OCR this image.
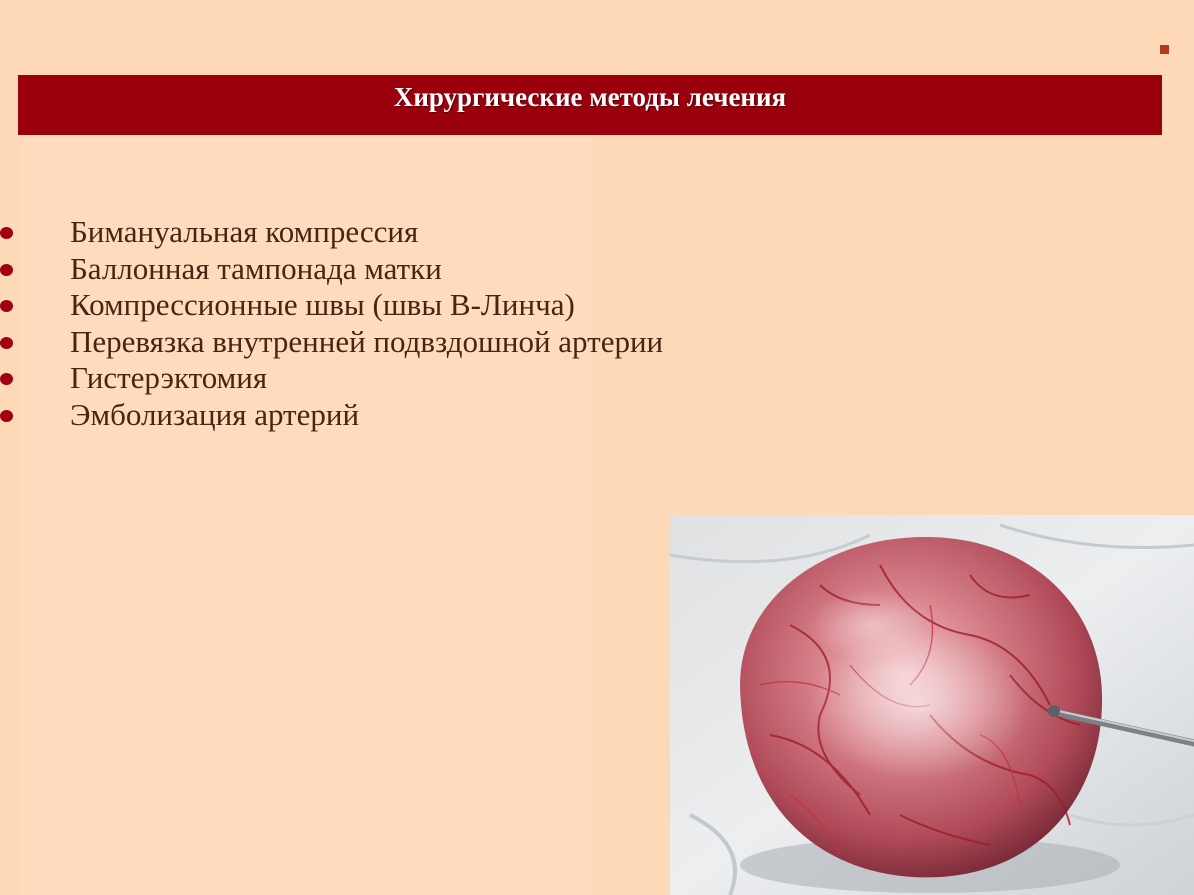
Хирургические методы лечения
Бимануальная компрессия
Баллонная тампонада матки
Компрессионные швы (швы В-Линча)
Перевязка внутренней подвздошной артерии
Гистерэктомия
Эмболизация артерий
